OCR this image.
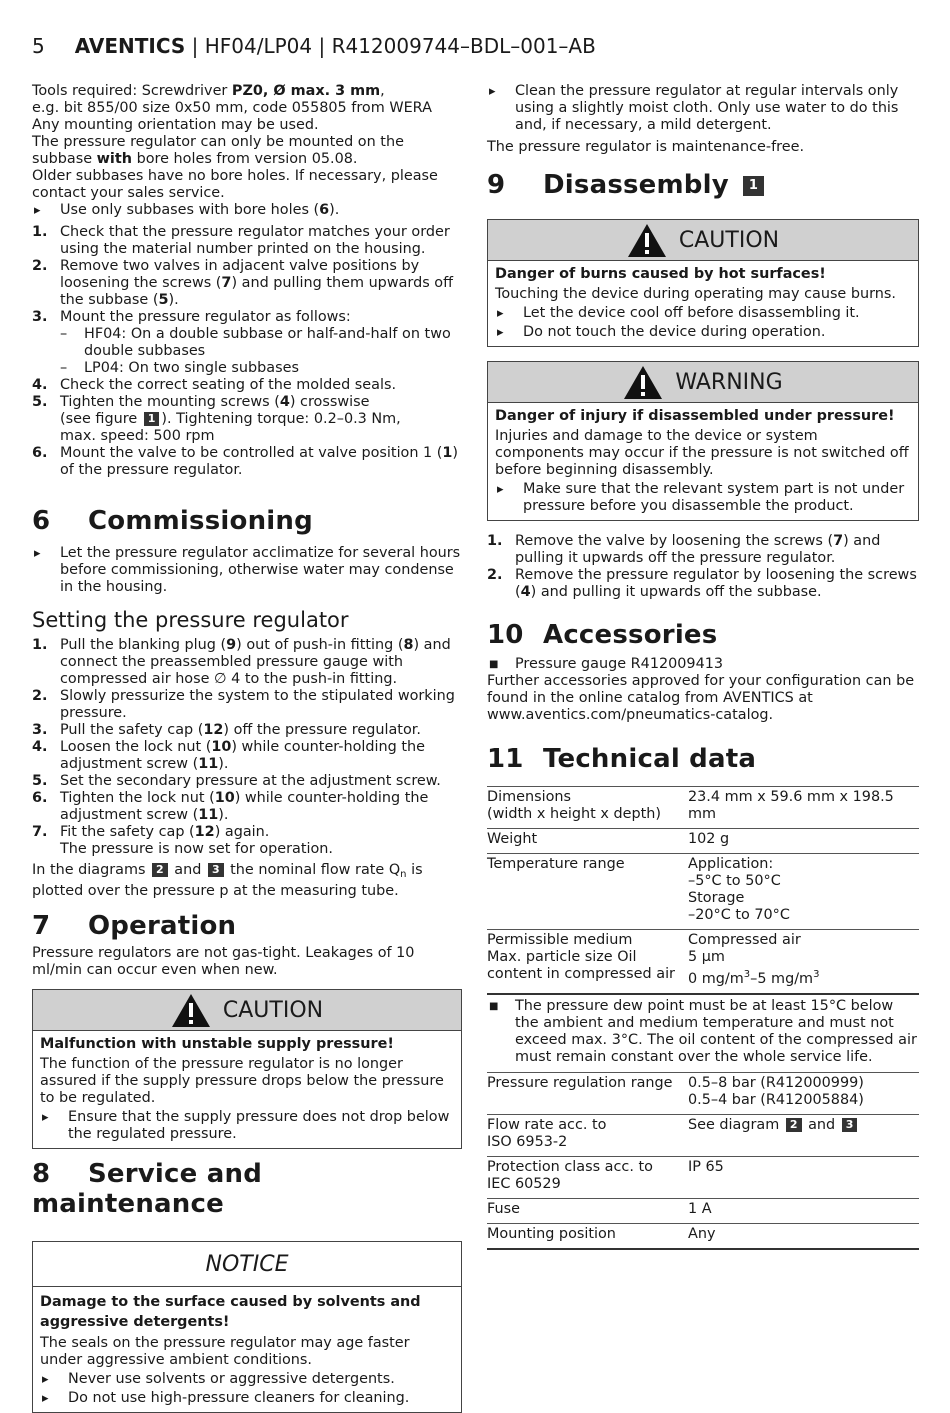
5 AVENTICS | HF04/LP04 | R412009744–BDL–001–AB

Tools required: Screwdriver PZ0, Ø max. 3 mm,

e.g. bit 855/00 size 0x50 mm, code 055805 from WERA

Any mounting orientation may be used.

The pressure regulator can only be mounted on the subbase with bore holes from version 05.08.

Older subbases have no bore holes. If necessary, please contact your sales service.

▸ Use only subbases with bore holes (6).

1. Check that the pressure regulator matches your order using the material number printed on the housing.

2. Remove two valves in adjacent valve positions by loosening the screws (7) and pulling them upwards off the subbase (5).

3. Mount the pressure regulator as follows:

– HF04: On a double subbase or half-and-half on two double subbases

– LP04: On two single subbases

4. Check the correct seating of the molded seals.

5. Tighten the mounting screws (4) crosswise
(see figure 1 ). Tightening torque: 0.2–0.3 Nm,
max. speed: 500 rpm

6. Mount the valve to be controlled at valve position 1 (1) of the pressure regulator.

6 Commissioning

▸ Let the pressure regulator acclimatize for several hours before commissioning, otherwise water may condense in the housing.

Setting the pressure regulator

1. Pull the blanking plug (9) out of push-in fitting (8) and connect the preassembled pressure gauge with compressed air hose ∅ 4 to the push-in fitting.

2. Slowly pressurize the system to the stipulated working pressure.

3. Pull the safety cap (12) off the pressure regulator.

4. Loosen the lock nut (10) while counter-holding the adjustment screw (11).

5. Set the secondary pressure at the adjustment screw.

6. Tighten the lock nut (10) while counter-holding the adjustment screw (11).

7. Fit the safety cap (12) again.

The pressure is now set for operation.

In the diagrams 2 and 3 the nominal flow rate $Q_n$ is plotted over the pressure p at the measuring tube.

7 Operation

Pressure regulators are not gas-tight. Leakages of 10 ml/min can occur even when new.

CAUTION

Malfunction with unstable supply pressure!

The function of the pressure regulator is no longer assured if the supply pressure drops below the pressure to be regulated.

▸ Ensure that the supply pressure does not drop below the regulated pressure.

8 Service and maintenance
NOTICE

Damage to the surface caused by solvents and aggressive detergents!

The seals on the pressure regulator may age faster under aggressive ambient conditions.

▸ Never use solvents or aggressive detergents.

▸ Do not use high-pressure cleaners for cleaning.

▸ Clean the pressure regulator at regular intervals only using a slightly moist cloth. Only use water to do this and, if necessary, a mild detergent.

The pressure regulator is maintenance-free.

9 Disassembly 1
CAUTION

Danger of burns caused by hot surfaces!

Touching the device during operating may cause burns.

▸ Let the device cool off before disassembling it.

▸ Do not touch the device during operation.

WARNING

Danger of injury if disassembled under pressure!

Injuries and damage to the device or system components may occur if the pressure is not switched off before beginning disassembly.

▸ Make sure that the relevant system part is not under pressure before you disassemble the product.

1. Remove the valve by loosening the screws (7) and pulling it upwards off the pressure regulator.

2. Remove the pressure regulator by loosening the screws (4) and pulling it upwards off the subbase.

10 Accessories

■ Pressure gauge R412009413

Further accessories approved for your configuration can be found in the online catalog from AVENTICS at www.aventics.com/pneumatics-catalog.

11 Technical data
Dimensions
(width x height x depth)	23.4 mm x 59.6 mm x 198.5 mm
Weight	102 g
Temperature range	Application:
–5°C to 50°C
Storage
–20°C to 70°C
Permissible medium
Max. particle size Oil
content in compressed air	Compressed air
5 µm
0 $mg/m^3-5$ $mg/m^3$

■ The pressure dew point must be at least 15°C below the ambient and medium temperature and must not exceed max. 3°C. The oil content of the compressed air must remain constant over the whole service life.

Pressure regulation range	0.5–8 bar (R412000999)
0.5–4 bar (R412005884)
Flow rate acc. to
ISO 6953-2	See diagram 2 and 3
Protection class acc. to
IEC 60529	IP 65
Fuse	1 A
Mounting position	Any
